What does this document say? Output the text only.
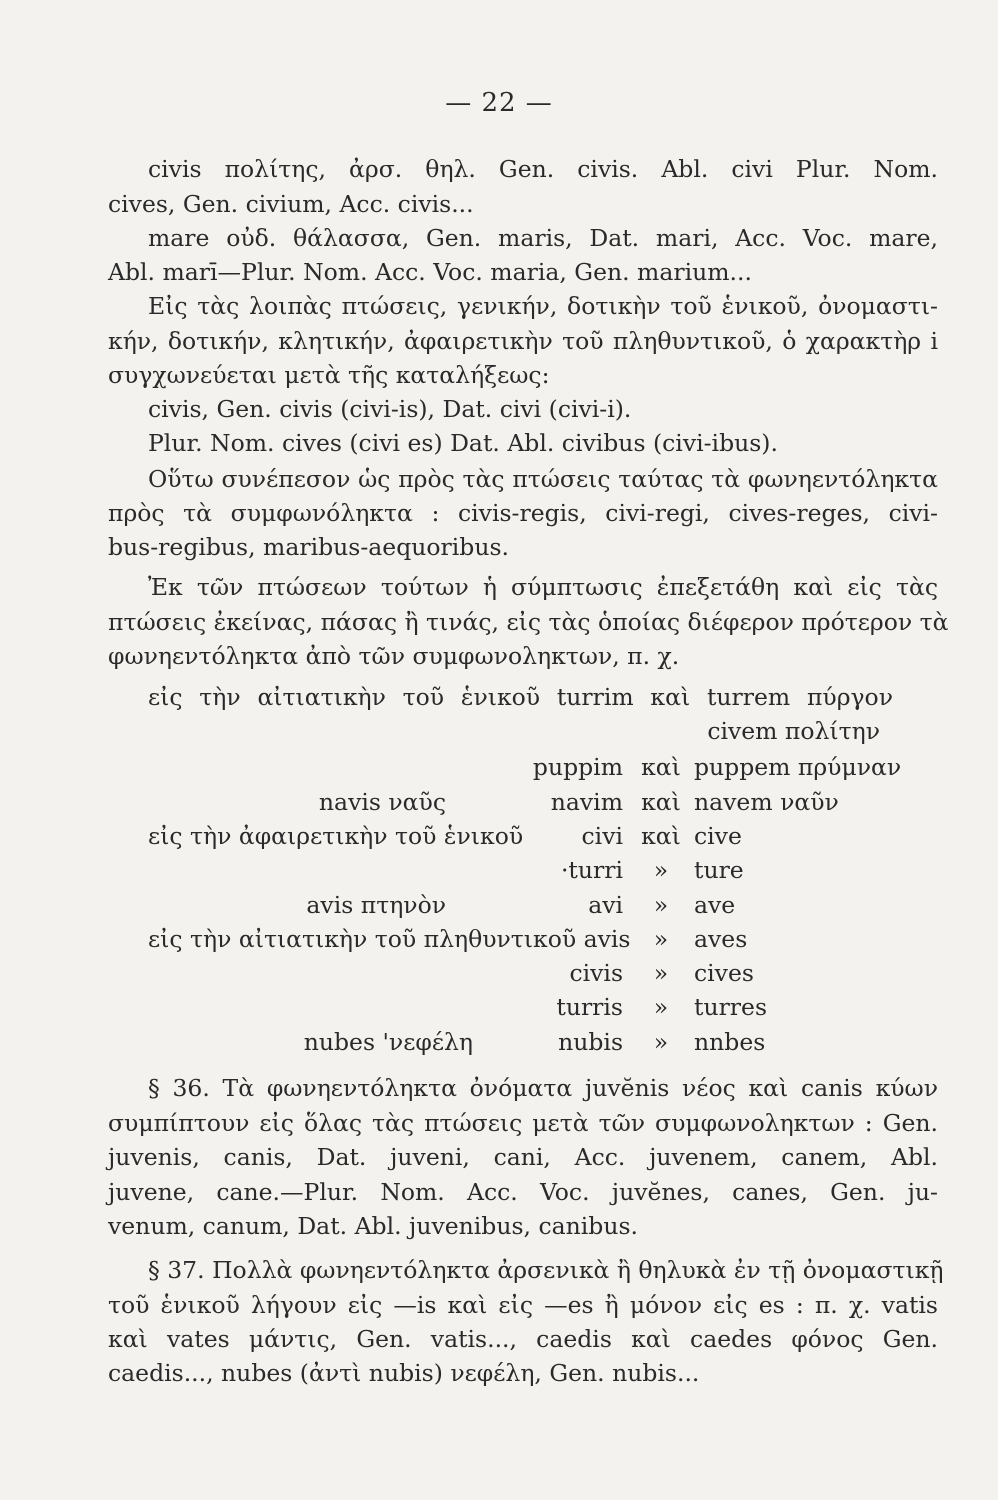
— 22 —
civis πολίτης, ἀρσ. θηλ. Gen. civis. Abl. civi Plur. Nom.
cives, Gen. civium, Acc. civis...
mare οὐδ. θάλασσα, Gen. maris, Dat. mari, Acc. Voc. mare,
Abl. marī—Plur. Nom. Acc. Voc. maria, Gen. marium...
Εἰς τὰς λοιπὰς πτώσεις, γενικήν, δοτικὴν τοῦ ἑνικοῦ, ὀνομαστι-
κήν, δοτικήν, κλητικήν, ἀφαιρετικὴν τοῦ πληθυντικοῦ, ὁ χαρακτὴρ i
συγχωνεύεται μετὰ τῆς καταλήξεως:
civis, Gen. civis (civi-is), Dat. civi (civi-i).
Plur. Nom. cives (civi es) Dat. Abl. civibus (civi-ibus).
Οὕτω συνέπεσον ὡς πρὸς τὰς πτώσεις ταύτας τὰ φωνηεντόληκτα
πρὸς τὰ συμφωνόληκτα : civis-regis, civi-regi, cives-reges, civi-
bus-regibus, maribus-aequoribus.
Ἐκ τῶν πτώσεων τούτων ἡ σύμπτωσις ἐπεξετάθη καὶ εἰς τὰς
πτώσεις ἐκείνας, πάσας ἢ τινάς, εἰς τὰς ὁποίας διέφερον πρότερον τὰ
φωνηεντόληκτα ἀπὸ τῶν συμφωνοληκτων, π. χ.
εἰς τὴν αἰτιατικὴν τοῦ ἑνικοῦ turrim καὶ turrem πύργον
civem πολίτην
puppim καὶ puppem πρύμναν
navis ναῦς	navim καὶ navem ναῦν
εἰς τὴν ἀφαιρετικὴν τοῦ ἑνικοῦ	civi καὶ cive
·turri	»	ture
avis πτηνὸν	avi	»	ave
εἰς τὴν αἰτιατικὴν τοῦ πληθυντικοῦ avis »	aves
civis	»	cives
turris	»	turres
nubes 'νεφέλη	nubis	»	nnbes
§ 36. Τὰ φωνηεντόληκτα ὀνόματα juvĕnis νέος καὶ canis κύων
συμπίπτουν εἰς ὅλας τὰς πτώσεις μετὰ τῶν συμφωνοληκτων : Gen.
juvenis, canis, Dat. juveni, cani, Acc. juvenem, canem, Abl.
juvene, cane.—Plur. Nom. Acc. Voc. juvĕnes, canes, Gen. ju-
venum, canum, Dat. Abl. juvenibus, canibus.
§ 37. Πολλὰ φωνηεντόληκτα ἀρσενικὰ ἢ θηλυκὰ ἐν τῇ ὀνομαστικῇ
τοῦ ἑνικοῦ λήγουν εἰς —is καὶ εἰς —es ἢ μόνον εἰς es : π. χ. vatis
καὶ vates μάντις, Gen. vatis..., caedis καὶ caedes φόνος Gen.
caedis..., nubes (ἀντὶ nubis) νεφέλη, Gen. nubis...
